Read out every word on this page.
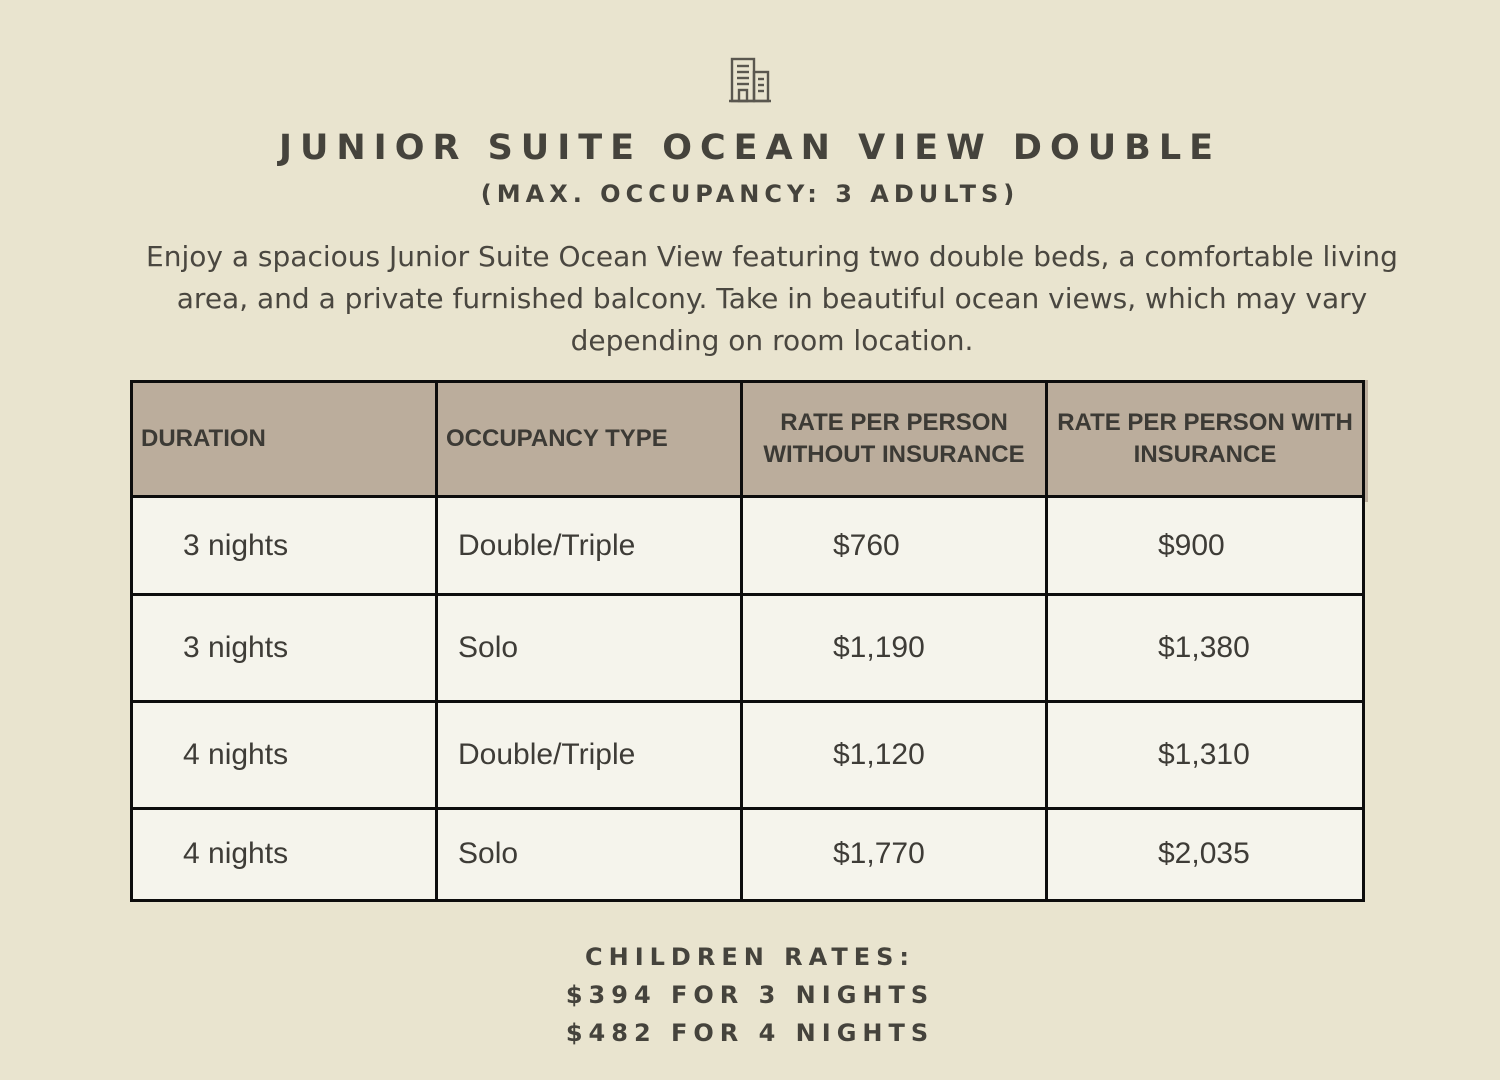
JUNIOR SUITE OCEAN VIEW DOUBLE
(MAX. OCCUPANCY: 3 ADULTS)
Enjoy a spacious Junior Suite Ocean View featuring two double beds, a comfortable living area, and a private furnished balcony. Take in beautiful ocean views, which may vary depending on room location.
DURATION	OCCUPANCY TYPE	RATE PER PERSON WITHOUT INSURANCE	RATE PER PERSON WITH INSURANCE
3 nights	Double/Triple	$760	$900
3 nights	Solo	$1,190	$1,380
4 nights	Double/Triple	$1,120	$1,310
4 nights	Solo	$1,770	$2,035
CHILDREN RATES:
$394 FOR 3 NIGHTS
$482 FOR 4 NIGHTS
